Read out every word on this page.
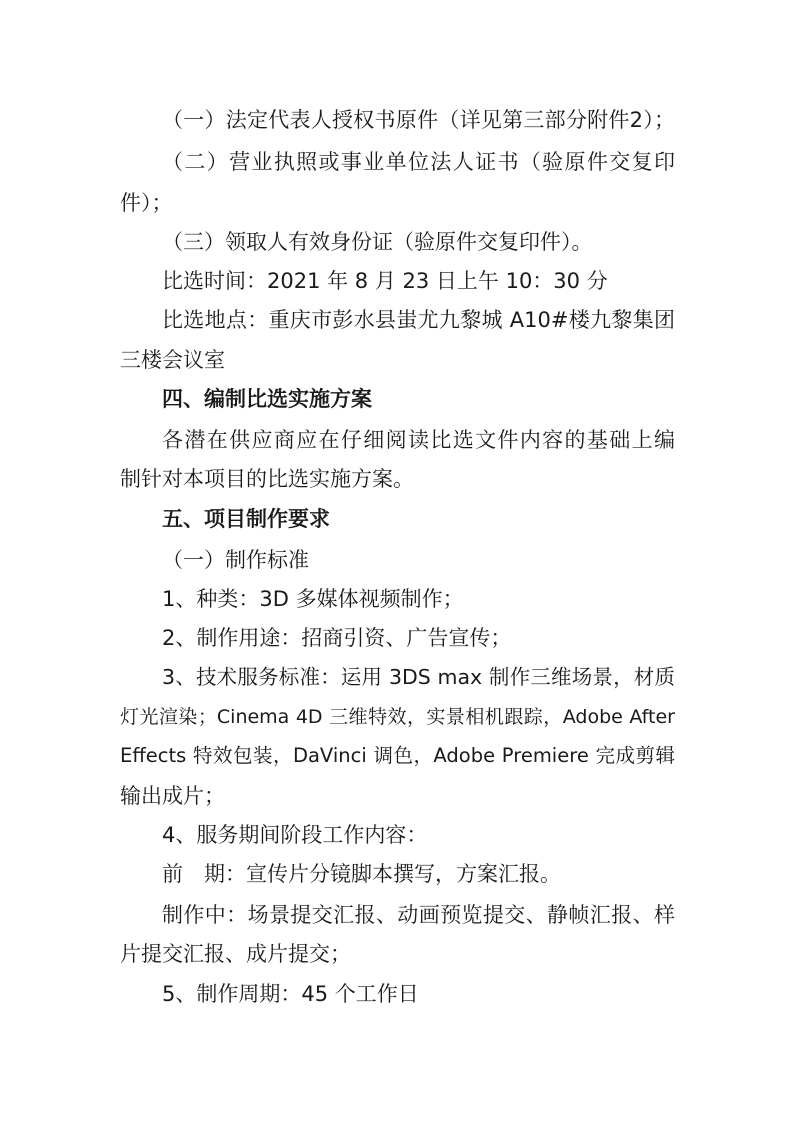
（一）法定代表人授权书原件（详见第三部分附件2）；

（二）营业执照或事业单位法人证书（验原件交复印

件）；

（三）领取人有效身份证（验原件交复印件）。

比选时间：2021 年 8 月 23 日上午 10：30 分

比选地点：重庆市彭水县蚩尤九黎城 A10#楼九黎集团

三楼会议室

四、编制比选实施方案

各潜在供应商应在仔细阅读比选文件内容的基础上编

制针对本项目的比选实施方案。

五、项目制作要求

（一）制作标准

1、种类：3D 多媒体视频制作；

2、制作用途：招商引资、广告宣传；

3、技术服务标准：运用 3DS max 制作三维场景，材质

灯光渲染；Cinema 4D 三维特效，实景相机跟踪，Adobe After

Effects 特效包装，DaVinci 调色，Adobe Premiere 完成剪辑

输出成片；

4、服务期间阶段工作内容：

前　期：宣传片分镜脚本撰写，方案汇报。

制作中：场景提交汇报、动画预览提交、静帧汇报、样

片提交汇报、成片提交；

5、制作周期：45 个工作日
